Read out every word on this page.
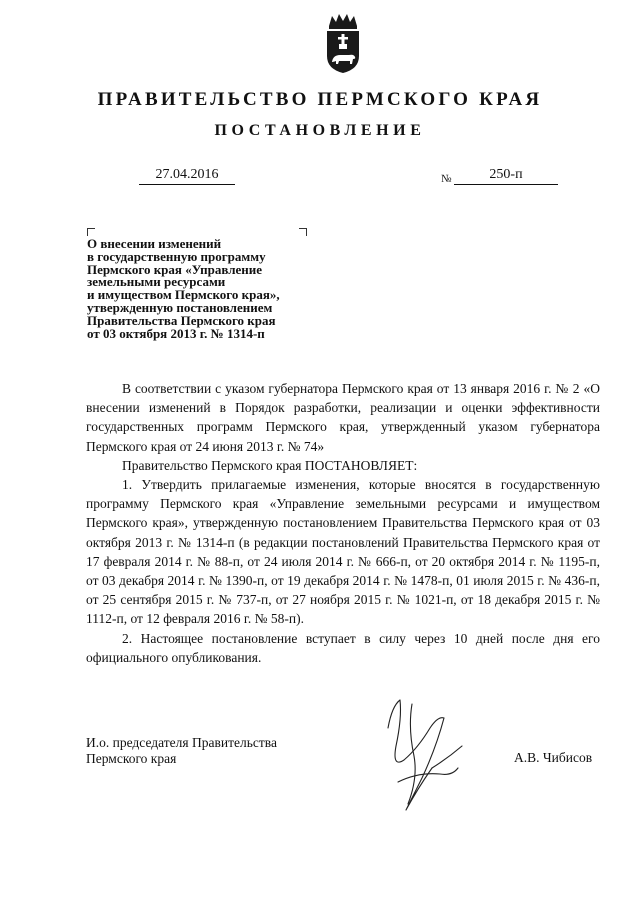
ПРАВИТЕЛЬСТВО ПЕРМСКОГО КРАЯ
ПОСТАНОВЛЕНИЕ
27.04.2016	№	250-п

О внесении изменений
в государственную программу
Пермского края «Управление
земельными ресурсами
и имуществом Пермского края»,
утвержденную постановлением
Правительства Пермского края
от 03 октября 2013 г. № 1314-п

В соответствии с указом губернатора Пермского края от 13 января 2016 г. № 2 «О внесении изменений в Порядок разработки, реализации и оценки эффективности государственных программ Пермского края, утвержденный указом губернатора Пермского края от 24 июня 2013 г. № 74»

Правительство Пермского края ПОСТАНОВЛЯЕТ:

1. Утвердить прилагаемые изменения, которые вносятся в государственную программу Пермского края «Управление земельными ресурсами и имуществом Пермского края», утвержденную постановлением Правительства Пермского края от 03 октября 2013 г. № 1314-п (в редакции постановлений Правительства Пермского края от 17 февраля 2014 г. № 88-п, от 24 июля 2014 г. № 666-п, от 20 октября 2014 г. № 1195-п, от 03 декабря 2014 г. № 1390-п, от 19 декабря 2014 г. № 1478-п, 01 июля 2015 г. № 436-п, от 25 сентября 2015 г. № 737-п, от 27 ноября 2015 г. № 1021-п, от 18 декабря 2015 г. № 1112-п, от 12 февраля 2016 г. № 58-п).

2. Настоящее постановление вступает в силу через 10 дней после дня его официального опубликования.

И.о. председателя Правительства
Пермского края	А.В. Чибисов
